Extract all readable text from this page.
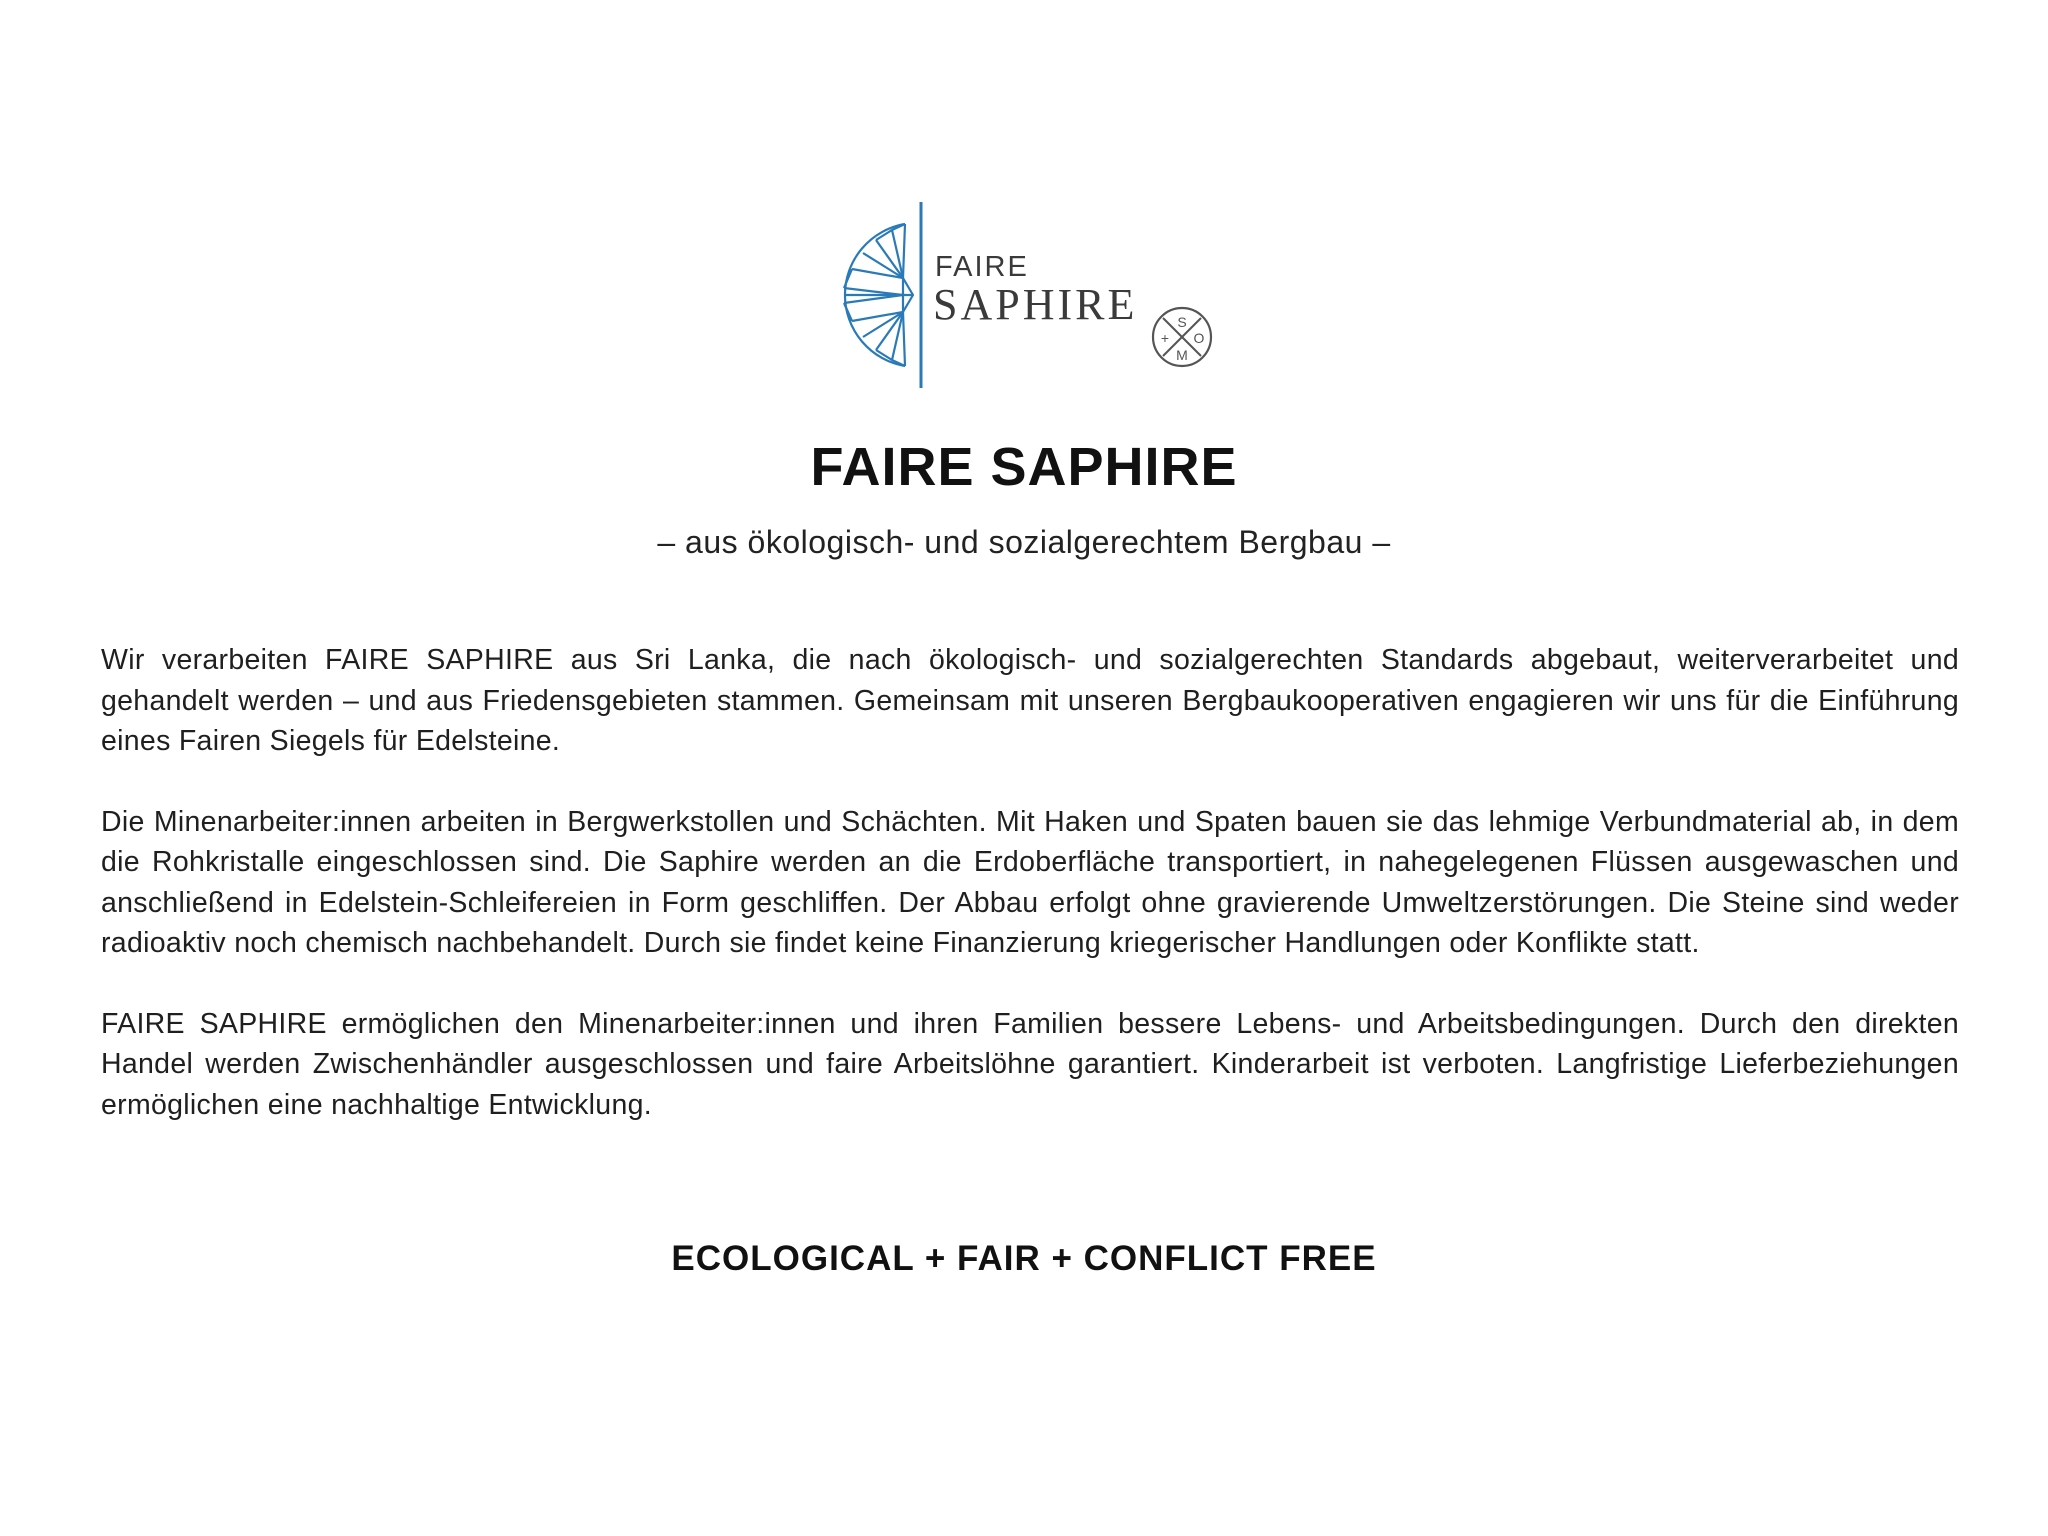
FAIRE
SAPHIRE	S
+ O
M
FAIRE SAPHIRE
– aus ökologisch- und sozialgerechtem Bergbau –

Wir verarbeiten FAIRE SAPHIRE aus Sri Lanka, die nach ökologisch- und sozialgerechten Standards abgebaut, weiterverarbeitet und gehandelt werden – und aus Friedensgebieten stammen. Gemeinsam mit unseren Bergbaukooperativen engagieren wir uns für die Einführung eines Fairen Siegels für Edelsteine.

Die Minenarbeiter:innen arbeiten in Bergwerkstollen und Schächten. Mit Haken und Spaten bauen sie das lehmige Verbundmaterial ab, in dem die Rohkristalle eingeschlossen sind. Die Saphire werden an die Erdoberfläche transportiert, in nahegelegenen Flüssen ausgewaschen und anschließend in Edelstein-Schleifereien in Form geschliffen. Der Abbau erfolgt ohne gravierende Umweltzerstörungen. Die Steine sind weder radioaktiv noch chemisch nachbehandelt. Durch sie findet keine Finanzierung kriegerischer Handlungen oder Konflikte statt.

FAIRE SAPHIRE ermöglichen den Minenarbeiter:innen und ihren Familien bessere Lebens- und Arbeitsbedingungen. Durch den direkten Handel werden Zwischenhändler ausgeschlossen und faire Arbeitslöhne garantiert. Kinderarbeit ist verboten. Langfristige Lieferbeziehungen ermöglichen eine nachhaltige Entwicklung.

ECOLOGICAL + FAIR + CONFLICT FREE
